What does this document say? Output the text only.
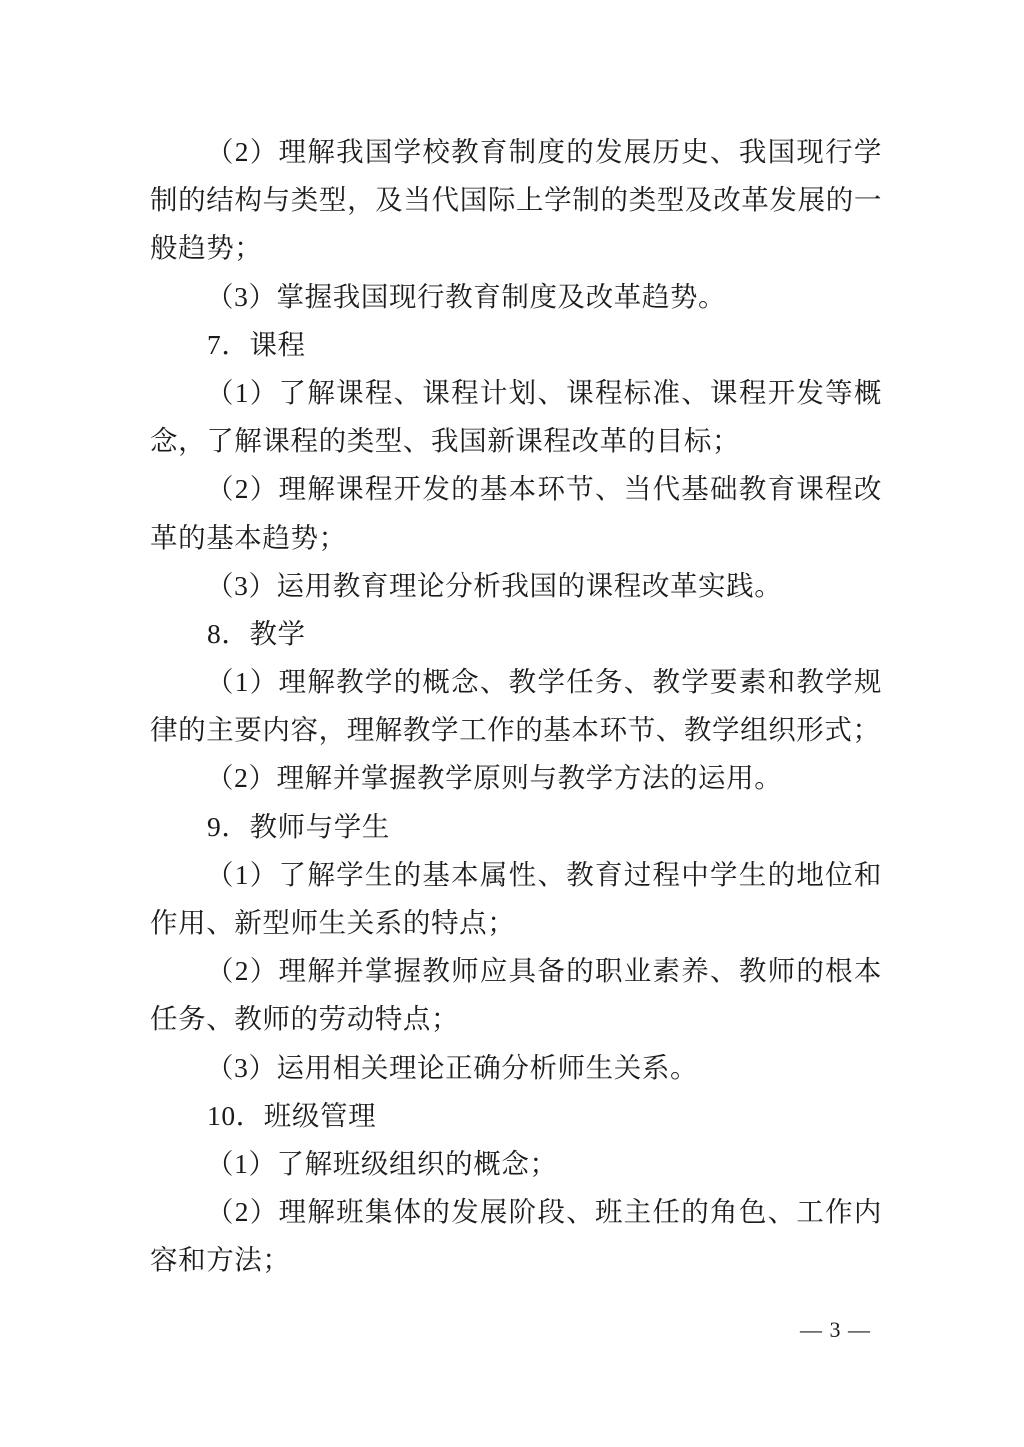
（2）理解我国学校教育制度的发展历史、我国现行学

制的结构与类型，及当代国际上学制的类型及改革发展的一

般趋势；

（3）掌握我国现行教育制度及改革趋势。

7．课程

（1）了解课程、课程计划、课程标准、课程开发等概

念，了解课程的类型、我国新课程改革的目标；

（2）理解课程开发的基本环节、当代基础教育课程改

革的基本趋势；

（3）运用教育理论分析我国的课程改革实践。

8．教学

（1）理解教学的概念、教学任务、教学要素和教学规

律的主要内容，理解教学工作的基本环节、教学组织形式；

（2）理解并掌握教学原则与教学方法的运用。

9．教师与学生

（1）了解学生的基本属性、教育过程中学生的地位和

作用、新型师生关系的特点；

（2）理解并掌握教师应具备的职业素养、教师的根本

任务、教师的劳动特点；

（3）运用相关理论正确分析师生关系。

10．班级管理

（1）了解班级组织的概念；

（2）理解班集体的发展阶段、班主任的角色、工作内

容和方法；

— 3 —
